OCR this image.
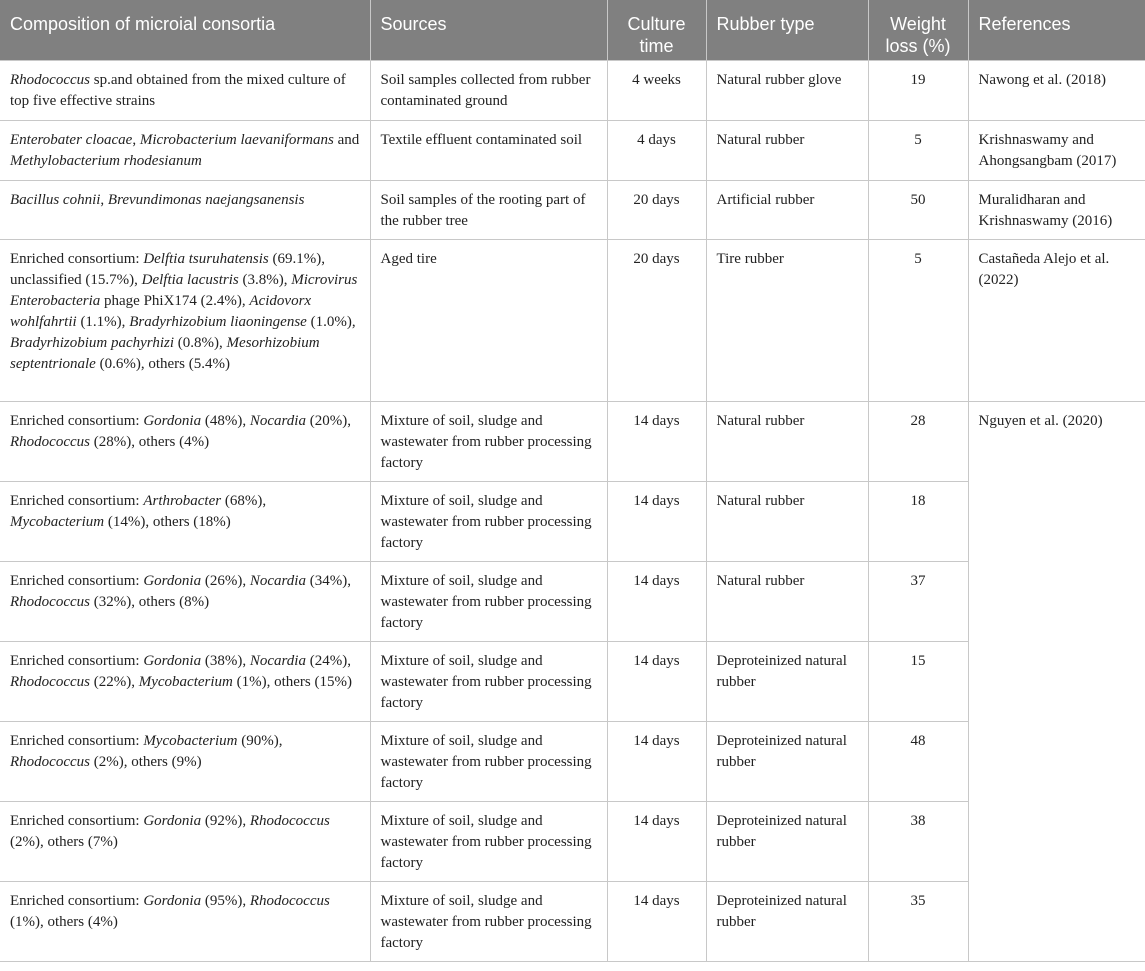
Composition of microial consortia	Sources	Culture time	Rubber type	Weight loss (%)	References
Rhodococcus sp.and obtained from the mixed culture of top five effective strains	Soil samples collected from rubber contaminated ground	4 weeks	Natural rubber glove	19	Nawong et al. (2018)
Enterobater cloacae, Microbacterium laevaniformans and Methylobacterium rhodesianum	Textile effluent contaminated soil	4 days	Natural rubber	5	Krishnaswamy and Ahongsangbam (2017)
Bacillus cohnii, Brevundimonas naejangsanensis	Soil samples of the rooting part of the rubber tree	20 days	Artificial rubber	50	Muralidharan and Krishnaswamy (2016)
Enriched consortium: Delftia tsuruhatensis (69.1%), unclassified (15.7%), Delftia lacustris (3.8%), Microvirus Enterobacteria phage PhiX174 (2.4%), Acidovorx wohlfahrtii (1.1%), Bradyrhizobium liaoningense (1.0%), Bradyrhizobium pachyrhizi (0.8%), Mesorhizobium septentrionale (0.6%), others (5.4%)	Aged tire	20 days	Tire rubber	5	Castañeda Alejo et al. (2022)
Enriched consortium: Gordonia (48%), Nocardia (20%), Rhodococcus (28%), others (4%)	Mixture of soil, sludge and wastewater from rubber processing factory	14 days	Natural rubber	28	Nguyen et al. (2020)
Enriched consortium: Arthrobacter (68%), Mycobacterium (14%), others (18%)	Mixture of soil, sludge and wastewater from rubber processing factory	14 days	Natural rubber	18	
Enriched consortium: Gordonia (26%), Nocardia (34%), Rhodococcus (32%), others (8%)	Mixture of soil, sludge and wastewater from rubber processing factory	14 days	Natural rubber	37	
Enriched consortium: Gordonia (38%), Nocardia (24%), Rhodococcus (22%), Mycobacterium (1%), others (15%)	Mixture of soil, sludge and wastewater from rubber processing factory	14 days	Deproteinized natural rubber	15	
Enriched consortium: Mycobacterium (90%), Rhodococcus (2%), others (9%)	Mixture of soil, sludge and wastewater from rubber processing factory	14 days	Deproteinized natural rubber	48	
Enriched consortium: Gordonia (92%), Rhodococcus (2%), others (7%)	Mixture of soil, sludge and wastewater from rubber processing factory	14 days	Deproteinized natural rubber	38	
Enriched consortium: Gordonia (95%), Rhodococcus (1%), others (4%)	Mixture of soil, sludge and wastewater from rubber processing factory	14 days	Deproteinized natural rubber	35	
